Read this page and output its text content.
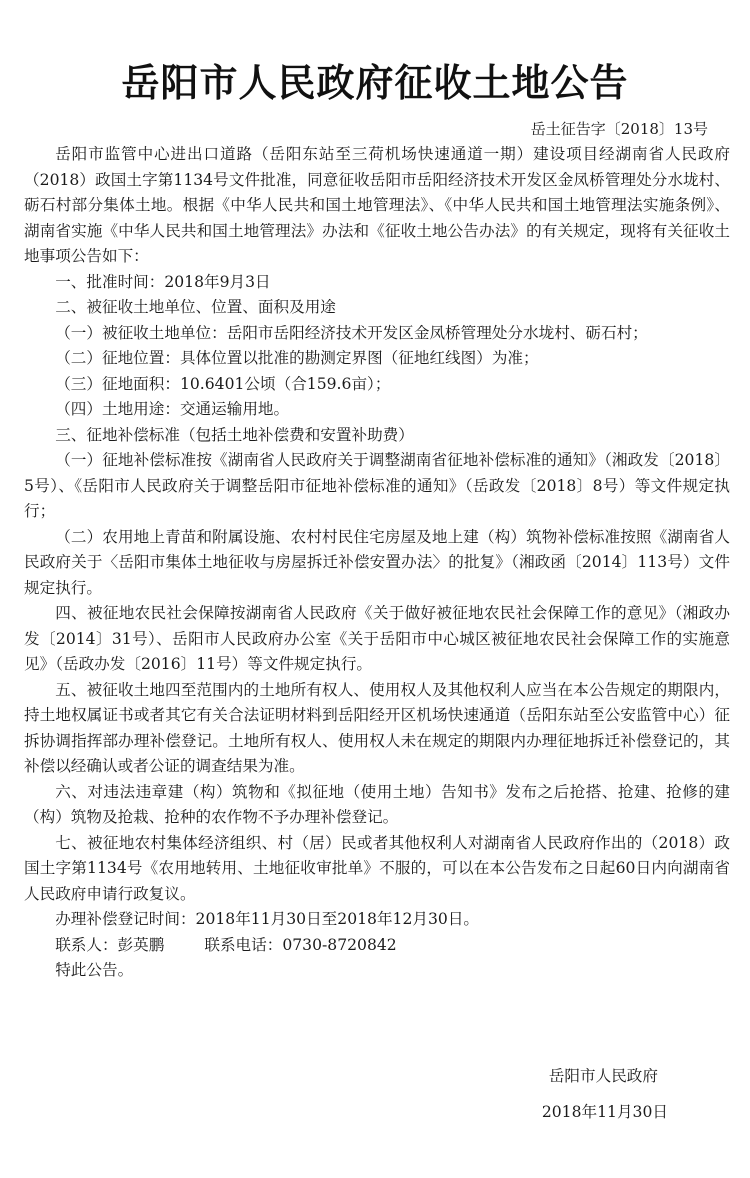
岳阳市人民政府征收土地公告
岳土征告字〔2018〕13号

岳阳市监管中心进出口道路（岳阳东站至三荷机场快速通道一期）建设项目经湖南省人民政府（2018）政国土字第1134号文件批准，同意征收岳阳市岳阳经济技术开发区金凤桥管理处分水垅村、砺石村部分集体土地。根据《中华人民共和国土地管理法》、《中华人民共和国土地管理法实施条例》、湖南省实施《中华人民共和国土地管理法》办法和《征收土地公告办法》的有关规定，现将有关征收土地事项公告如下：

一、批准时间：2018年9月3日

二、被征收土地单位、位置、面积及用途

（一）被征收土地单位：岳阳市岳阳经济技术开发区金凤桥管理处分水垅村、砺石村；

（二）征地位置：具体位置以批准的勘测定界图（征地红线图）为准；

（三）征地面积：10.6401公顷（合159.6亩）；

（四）土地用途：交通运输用地。

三、征地补偿标准（包括土地补偿费和安置补助费）

（一）征地补偿标准按《湖南省人民政府关于调整湖南省征地补偿标准的通知》（湘政发〔2018〕5号）、《岳阳市人民政府关于调整岳阳市征地补偿标准的通知》（岳政发〔2018〕8号）等文件规定执行；

（二）农用地上青苗和附属设施、农村村民住宅房屋及地上建（构）筑物补偿标准按照《湖南省人民政府关于〈岳阳市集体土地征收与房屋拆迁补偿安置办法〉的批复》（湘政函〔2014〕113号）文件规定执行。

四、被征地农民社会保障按湖南省人民政府《关于做好被征地农民社会保障工作的意见》（湘政办发〔2014〕31号）、岳阳市人民政府办公室《关于岳阳市中心城区被征地农民社会保障工作的实施意见》（岳政办发〔2016〕11号）等文件规定执行。

五、被征收土地四至范围内的土地所有权人、使用权人及其他权利人应当在本公告规定的期限内，持土地权属证书或者其它有关合法证明材料到岳阳经开区机场快速通道（岳阳东站至公安监管中心）征拆协调指挥部办理补偿登记。土地所有权人、使用权人未在规定的期限内办理征地拆迁补偿登记的，其补偿以经确认或者公证的调查结果为准。

六、对违法违章建（构）筑物和《拟征地（使用土地）告知书》发布之后抢搭、抢建、抢修的建（构）筑物及抢栽、抢种的农作物不予办理补偿登记。

七、被征地农村集体经济组织、村（居）民或者其他权利人对湖南省人民政府作出的（2018）政国土字第1134号《农用地转用、土地征收审批单》不服的，可以在本公告发布之日起60日内向湖南省人民政府申请行政复议。

办理补偿登记时间：2018年11月30日至2018年12月30日。

联系人：彭英鹏	联系电话：0730-8720842

特此公告。

岳阳市人民政府
2018年11月30日
